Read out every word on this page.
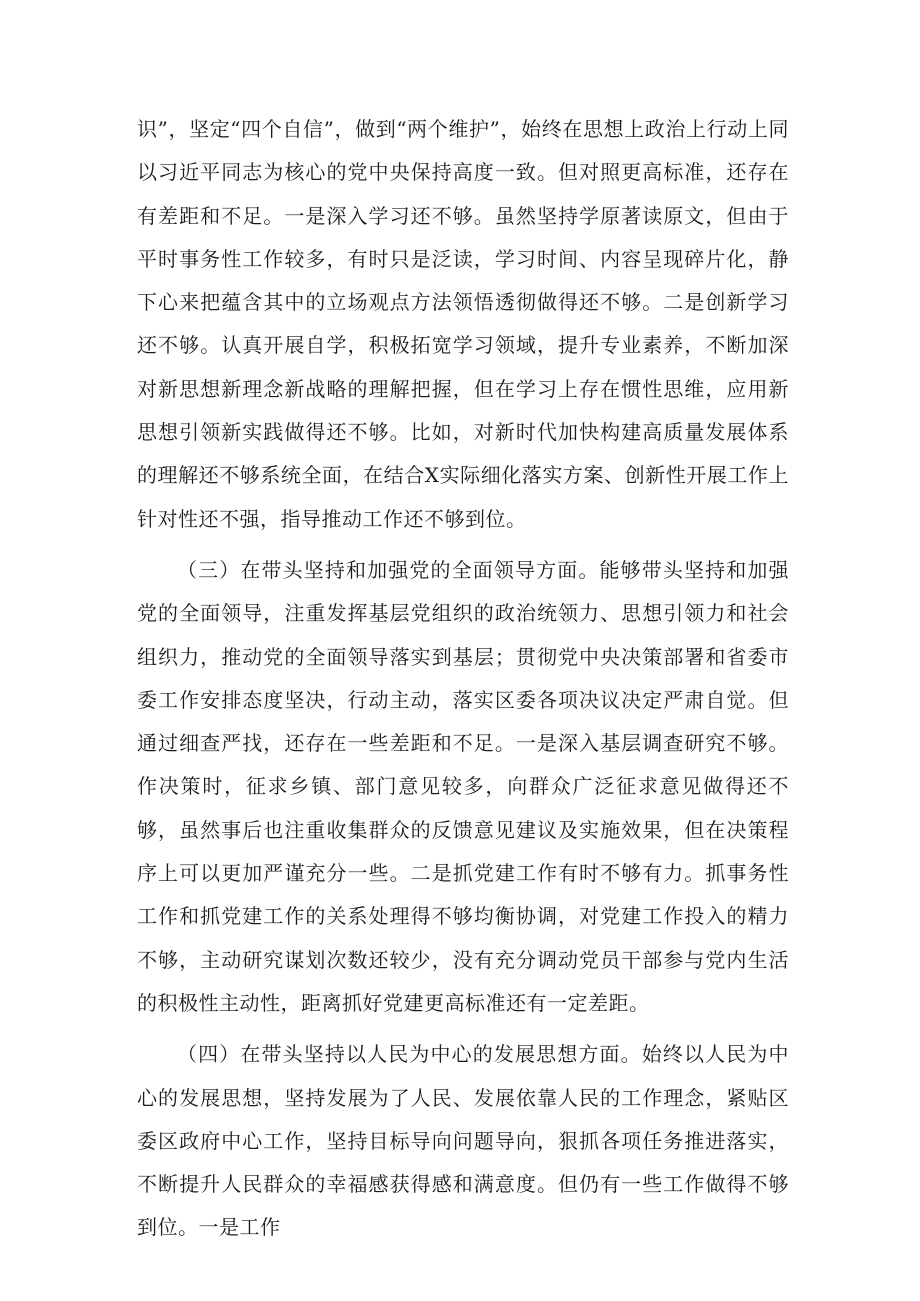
识”，坚定“四个自信”，做到“两个维护”，始终在思想上政治上行动上同以习近平同志为核心的党中央保持高度一致。但对照更高标准，还存在有差距和不足。一是深入学习还不够。虽然坚持学原著读原文，但由于平时事务性工作较多，有时只是泛读，学习时间、内容呈现碎片化，静下心来把蕴含其中的立场观点方法领悟透彻做得还不够。二是创新学习还不够。认真开展自学，积极拓宽学习领域，提升专业素养，不断加深对新思想新理念新战略的理解把握，但在学习上存在惯性思维，应用新思想引领新实践做得还不够。比如，对新时代加快构建高质量发展体系的理解还不够系统全面，在结合X实际细化落实方案、创新性开展工作上针对性还不强，指导推动工作还不够到位。

（三）在带头坚持和加强党的全面领导方面。能够带头坚持和加强党的全面领导，注重发挥基层党组织的政治统领力、思想引领力和社会组织力，推动党的全面领导落实到基层；贯彻党中央决策部署和省委市委工作安排态度坚决，行动主动，落实区委各项决议决定严肃自觉。但通过细查严找，还存在一些差距和不足。一是深入基层调查研究不够。作决策时，征求乡镇、部门意见较多，向群众广泛征求意见做得还不够，虽然事后也注重收集群众的反馈意见建议及实施效果，但在决策程序上可以更加严谨充分一些。二是抓党建工作有时不够有力。抓事务性工作和抓党建工作的关系处理得不够均衡协调，对党建工作投入的精力不够，主动研究谋划次数还较少，没有充分调动党员干部参与党内生活的积极性主动性，距离抓好党建更高标准还有一定差距。

（四）在带头坚持以人民为中心的发展思想方面。始终以人民为中心的发展思想，坚持发展为了人民、发展依靠人民的工作理念，紧贴区委区政府中心工作，坚持目标导向问题导向，狠抓各项任务推进落实，不断提升人民群众的幸福感获得感和满意度。但仍有一些工作做得不够到位。一是工作
